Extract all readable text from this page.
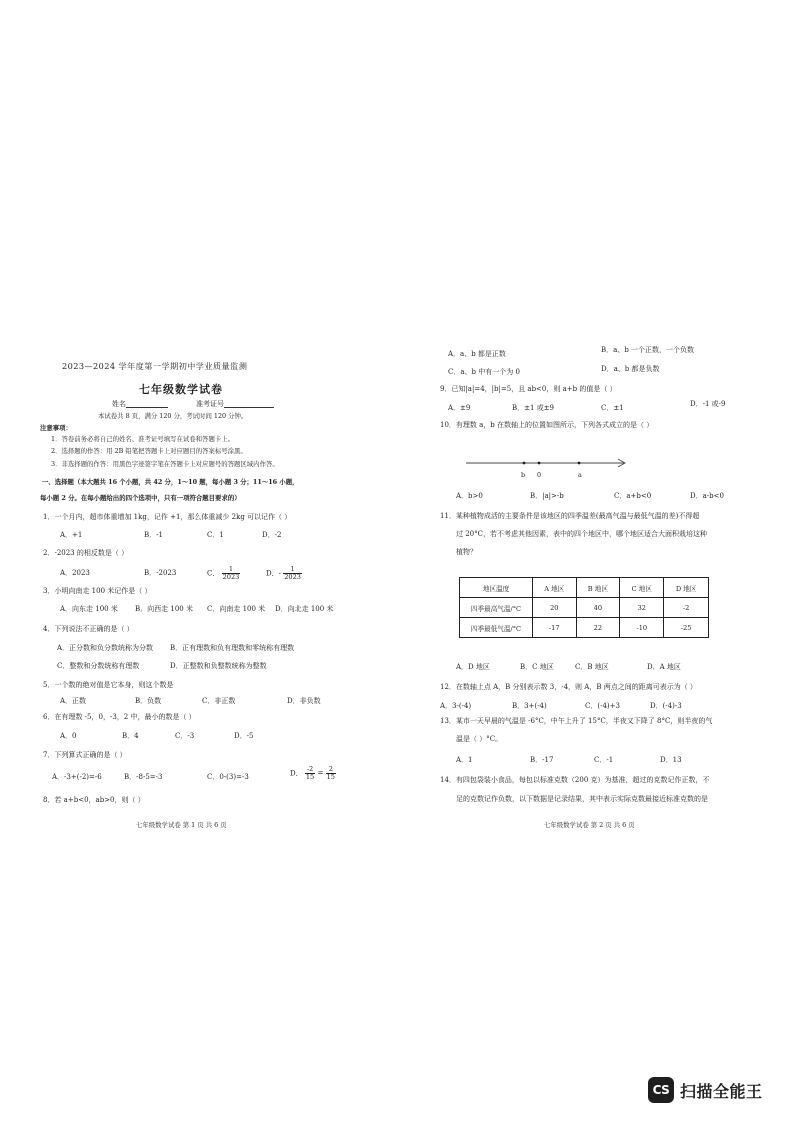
2023—2024 学年度第一学期初中学业质量监测
七年级数学试卷
姓名	准考证号
本试卷共 8 页，满分 120 分，考试时间 120 分钟。
注意事项：
1．答卷前务必将自己的姓名、准考证号填写在试卷和答题卡上。
2．选择题的作答：用 2B 铅笔把答题卡上对应题目的答案标号涂黑。
3．非选择题的作答：用黑色字迹签字笔在答题卡上对应题号的答题区域内作答。
一、选择题（本大题共 16 个小题，共 42 分，1～10 题，每小题 3 分；11～16 小题，
每小题 2 分。在每小题给出的四个选项中，只有一项符合题目要求的）
1．一个月内，超市体重增加 1kg，记作 +1，那么体重减少 2kg 可以记作（ ）
A．+1	B．-1	C．1	D．-2
2．-2023 的相反数是（ ）
A．2023	B．-2023	C． $\frac{1}{2023}$	D．- $\frac{1}{2023}$
3．小明向南走 100 米记作是（ ）
A．向东走 100 米 B．向西走 100 米 C．向南走 100 米 D．向北走 100 米
4．下列说法不正确的是（ ）
A．正分数和负分数统称为分数 B．正有理数和负有理数和零统称有理数
C．整数和分数统称有理数	D．正整数和负整数统称为整数
5．一个数的绝对值是它本身，则这个数是
A．正数	B．负数	C．非正数	D．非负数
6．在有理数 -5，0，-3，2 中，最小的数是（ ）
A．0	B．4	C．-3	D．-5
7．下列算式正确的是（ ）
A．-3+(-2)=-6	B．-8-5=-3	C．0-(3)=-3	D． $\frac{-2}{15} = \frac{2}{15}$
8．若 a+b<0，ab>0，则（ ）
七年级数学试卷 第 1 页 共 6 页
A．a、b 都是正数	B．a、b 一个正数，一个负数
C．a、b 中有一个为 0	D．a、b 都是负数
9．已知|a|=4，|b|=5，且 ab<0，则 a+b 的值是（ ）
A．±9	B．±1 或±9	C．±1	D．-1 或-9
10．有理数 a，b 在数轴上的位置如图所示，下列各式成立的是（ ）
b 0	a
A．b>0	B．|a|>-b	C．a+b<0	D．a-b<0
11．某种植物成活的主要条件是该地区的四季温差(最高气温与最低气温的差)不得超
过 20°C，若不考虑其他因素，表中的四个地区中，哪个地区适合大面积栽培这种
植物？
地区温度	A 地区	B 地区	C 地区	D 地区
四季最高气温/°C	20	40	32	-2
四季最低气温/°C	-17	22	-10	-25
A．D 地区	B．C 地区	C．B 地区	D．A 地区
12．在数轴上点 A，B 分别表示数 3，-4，则 A，B 两点之间的距离可表示为（ ）
A．3-(-4)	B．3+(-4)	C．(-4)+3	D．(-4)-3
13．某市一天早晨的气温是 -6°C，中午上升了 15°C，半夜又下降了 8°C，则半夜的气
温是（ ）°C。
A．1	B．-17	C．-1	D．13
14．有四包袋装小食品，每包以标准克数（200 克）为基准，超过的克数记作正数，不
足的克数记作负数，以下数据是记录结果，其中表示实际克数最接近标准克数的是
七年级数学试卷 第 2 页 共 6 页
CS 扫描全能王
